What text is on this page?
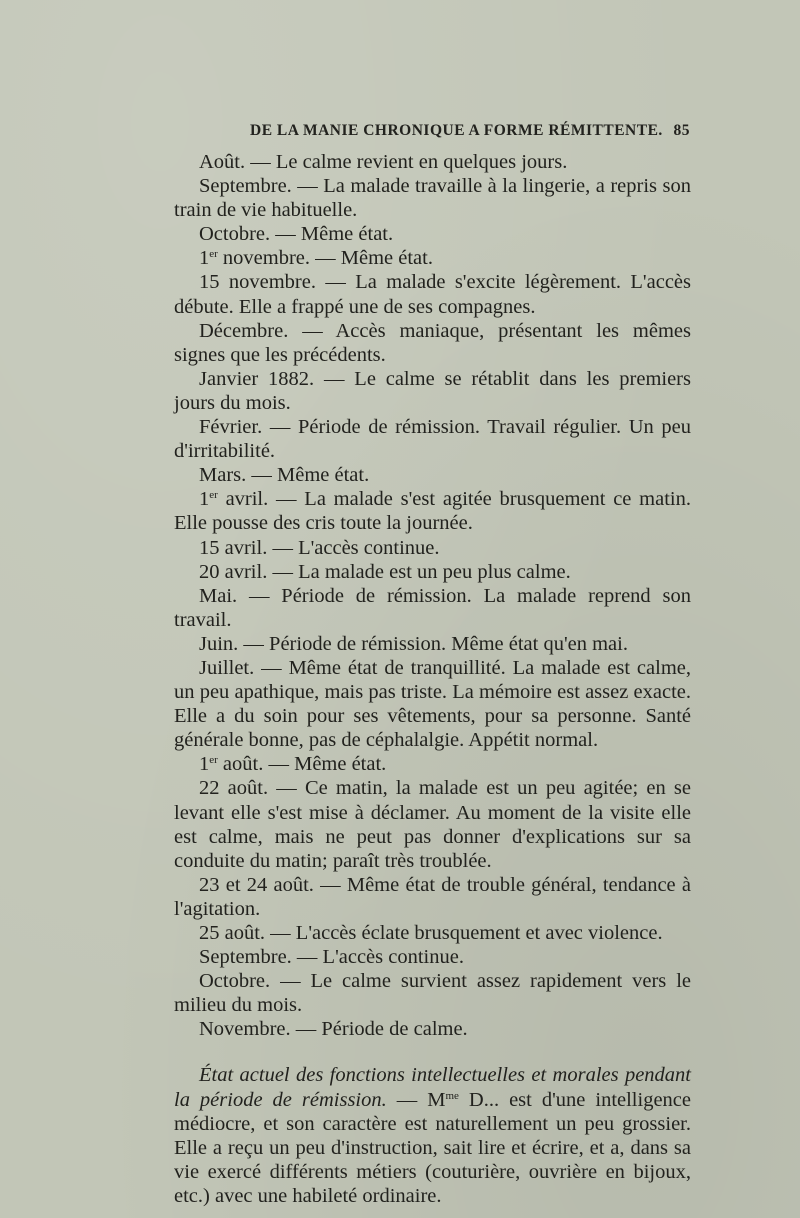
DE LA MANIE CHRONIQUE A FORME RÉMITTENTE. 85

Août. — Le calme revient en quelques jours.

Septembre. — La malade travaille à la lingerie, a repris son train de vie habituelle.

Octobre. — Même état.

1er novembre. — Même état.

15 novembre. — La malade s'excite légèrement. L'accès débute. Elle a frappé une de ses compagnes.

Décembre. — Accès maniaque, présentant les mêmes signes que les précédents.

Janvier 1882. — Le calme se rétablit dans les premiers jours du mois.

Février. — Période de rémission. Travail régulier. Un peu d'irritabilité.

Mars. — Même état.

1er avril. — La malade s'est agitée brusquement ce matin. Elle pousse des cris toute la journée.

15 avril. — L'accès continue.

20 avril. — La malade est un peu plus calme.

Mai. — Période de rémission. La malade reprend son travail.

Juin. — Période de rémission. Même état qu'en mai.

Juillet. — Même état de tranquillité. La malade est calme, un peu apathique, mais pas triste. La mémoire est assez exacte. Elle a du soin pour ses vêtements, pour sa personne. Santé générale bonne, pas de céphalalgie. Appétit normal.

1er août. — Même état.

22 août. — Ce matin, la malade est un peu agitée; en se levant elle s'est mise à déclamer. Au moment de la visite elle est calme, mais ne peut pas donner d'explications sur sa conduite du matin; paraît très troublée.

23 et 24 août. — Même état de trouble général, tendance à l'agitation.

25 août. — L'accès éclate brusquement et avec violence.

Septembre. — L'accès continue.

Octobre. — Le calme survient assez rapidement vers le milieu du mois.

Novembre. — Période de calme.

État actuel des fonctions intellectuelles et morales pendant la période de rémission. — $M^{me}$ D... est d'une intelligence médiocre, et son caractère est naturellement un peu grossier. Elle a reçu un peu d'instruction, sait lire et écrire, et a, dans sa vie exercé différents métiers (couturière, ouvrière en bijoux, etc.) avec une habileté ordinaire.
